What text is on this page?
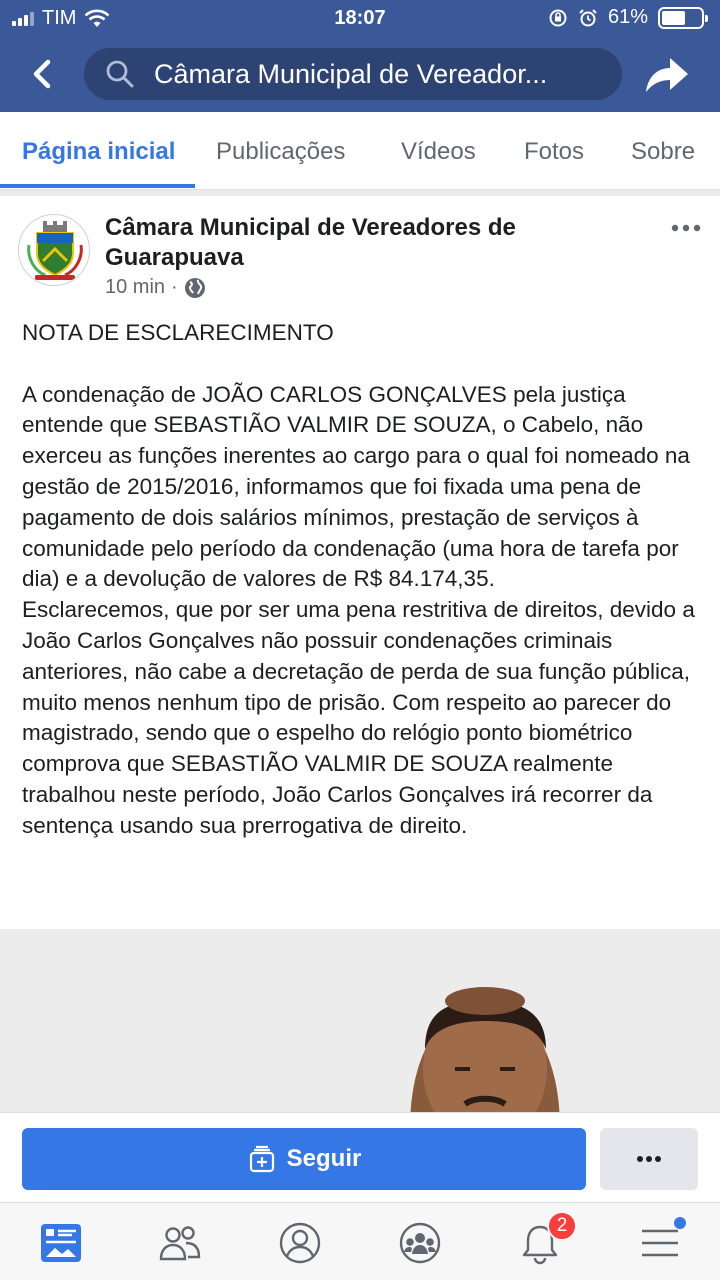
TIM	18:07	61%
Câmara Municipal de Vereador...
Página inicial Publicações Vídeos Fotos Sobre
Câmara Municipal de Vereadores de Guarapuava
10 min ·
NOTA DE ESCLARECIMENTO

A condenação de JOÃO CARLOS GONÇALVES pela justiça entende que SEBASTIÃO VALMIR DE SOUZA, o Cabelo, não exerceu as funções inerentes ao cargo para o qual foi nomeado na gestão de 2015/2016, informamos que foi fixada uma pena de pagamento de dois salários mínimos, prestação de serviços à comunidade pelo período da condenação (uma hora de tarefa por dia) e a devolução de valores de R$ 84.174,35.
Esclarecemos, que por ser uma pena restritiva de direitos, devido a João Carlos Gonçalves não possuir condenações criminais anteriores, não cabe a decretação de perda de sua função pública, muito menos nenhum tipo de prisão. Com respeito ao parecer do magistrado, sendo que o espelho do relógio ponto biométrico comprova que SEBASTIÃO VALMIR DE SOUZA realmente trabalhou neste período, João Carlos Gonçalves irá recorrer da sentença usando sua prerrogativa de direito.
Seguir
2
